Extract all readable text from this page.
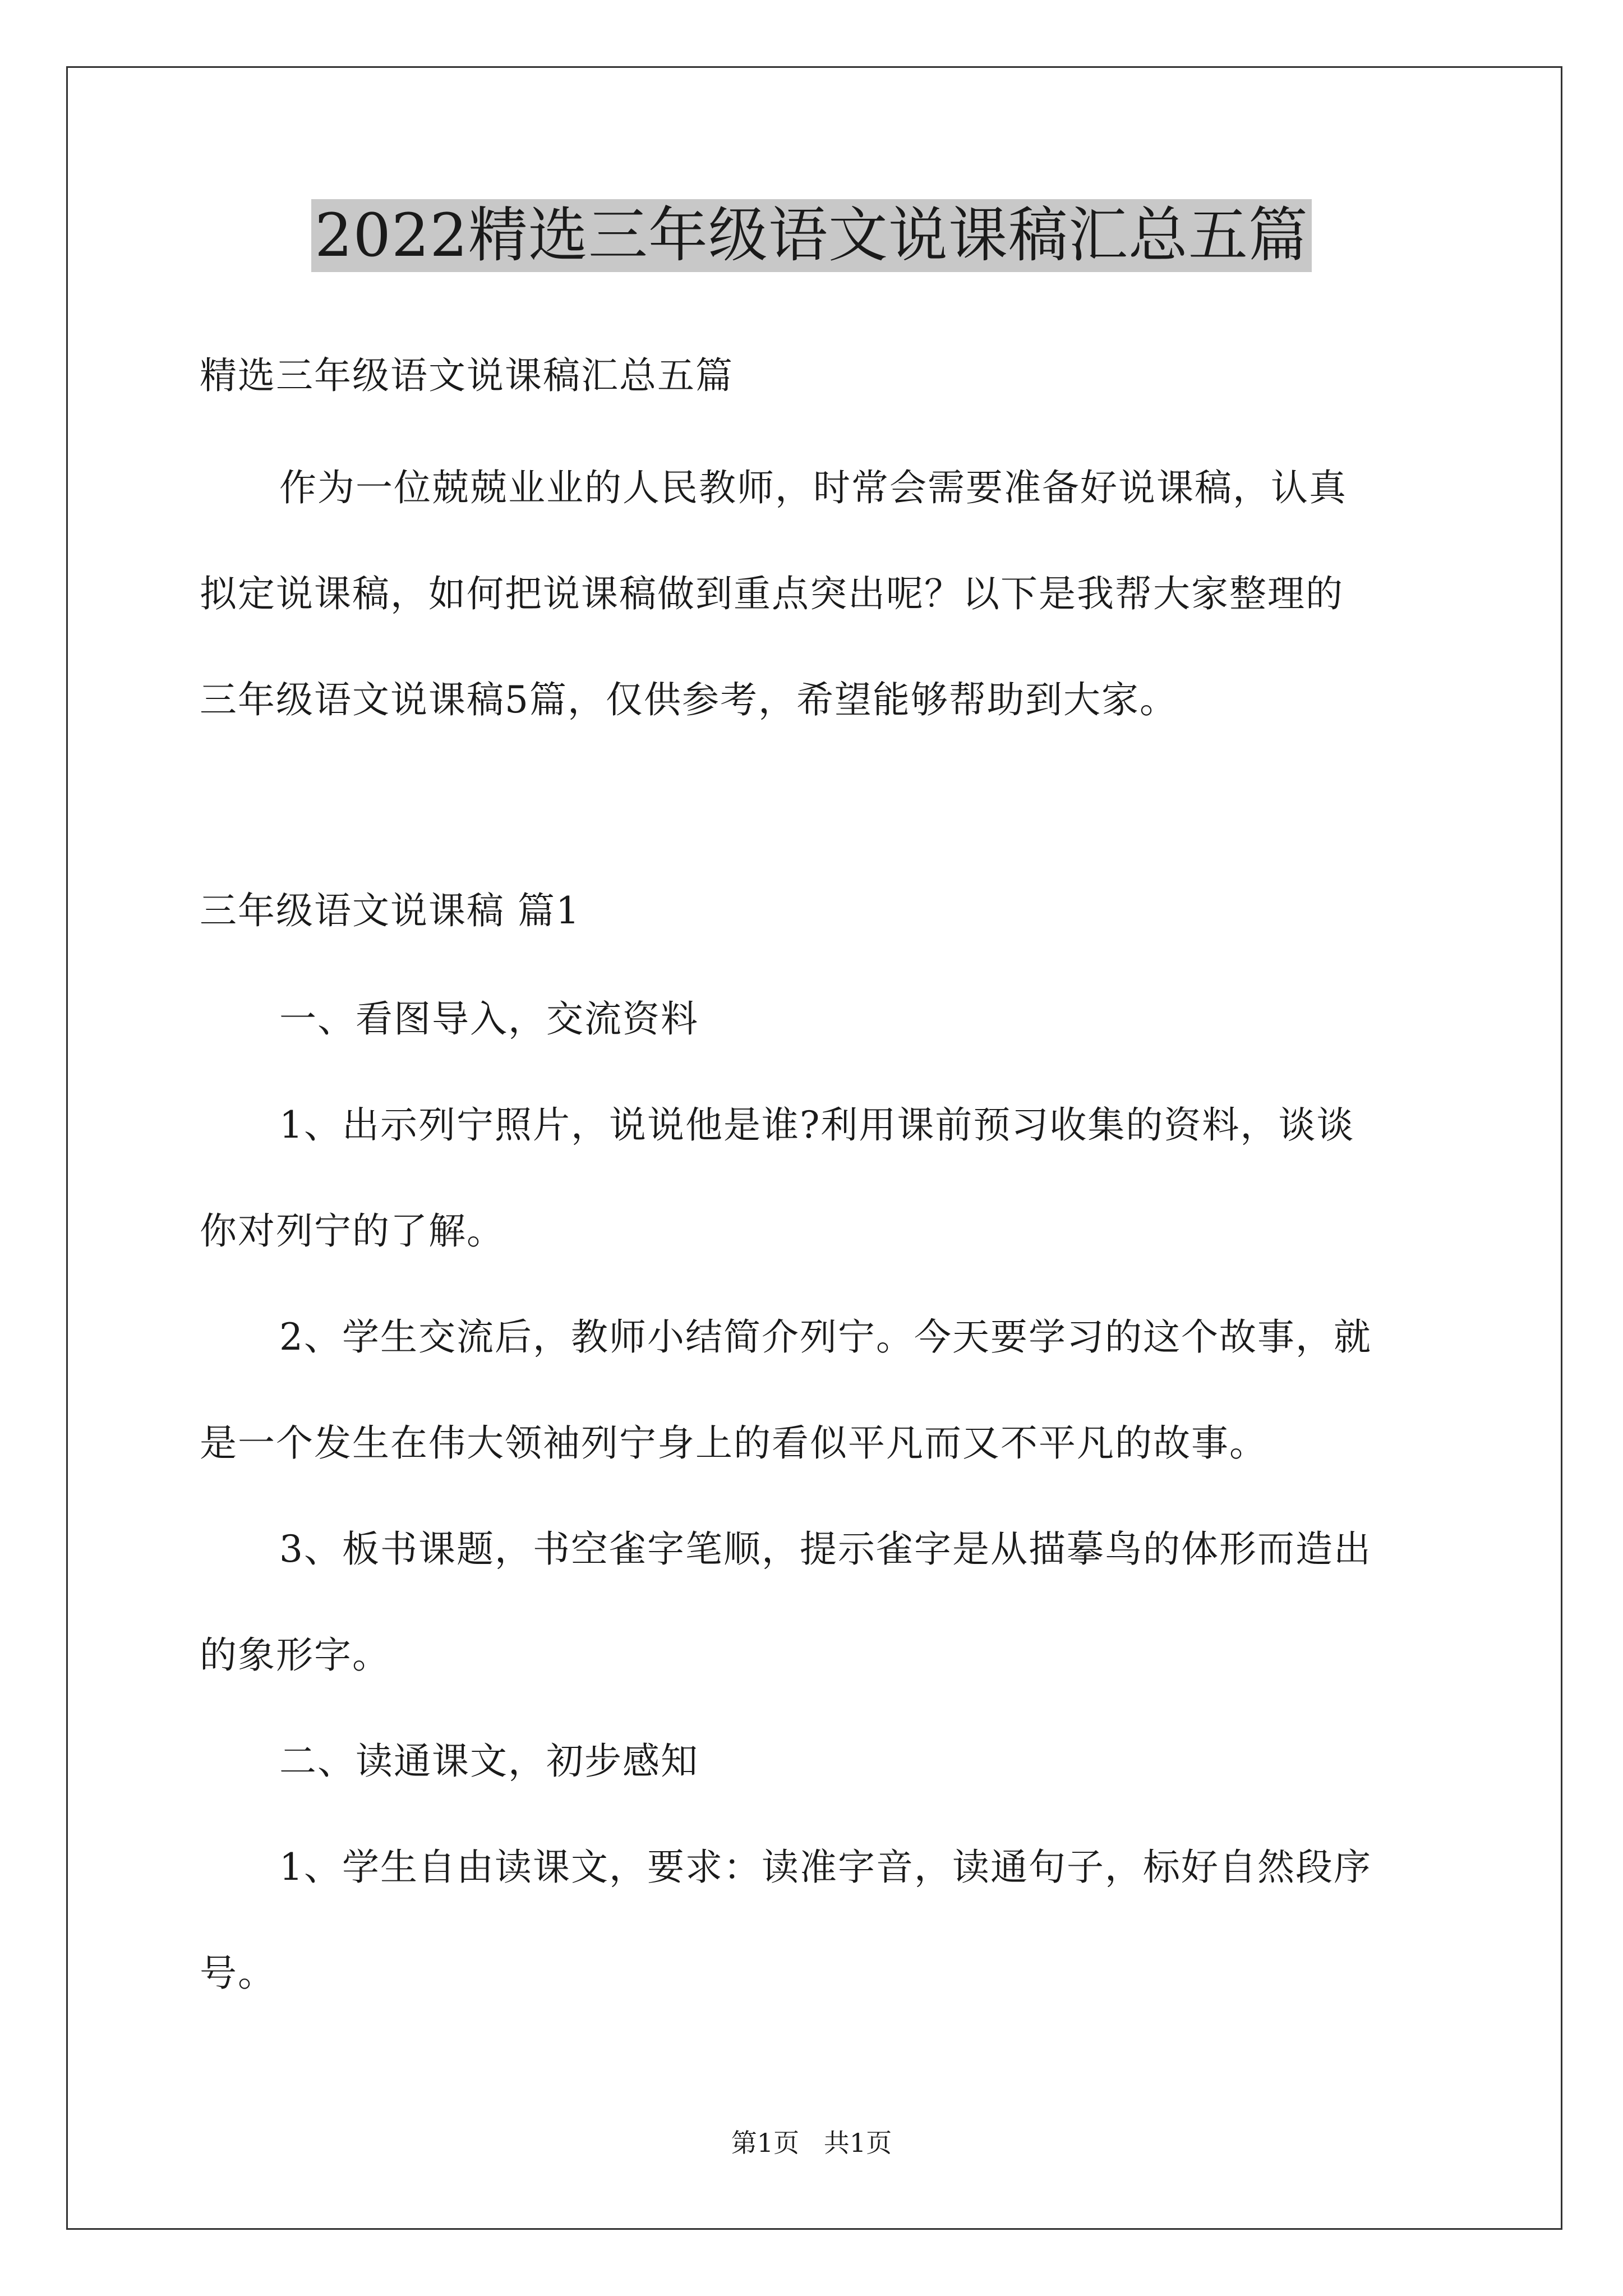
2022精选三年级语文说课稿汇总五篇
精选三年级语文说课稿汇总五篇
作为一位兢兢业业的人民教师，时常会需要准备好说课稿，认真
拟定说课稿，如何把说课稿做到重点突出呢？以下是我帮大家整理的
三年级语文说课稿5篇，仅供参考，希望能够帮助到大家。
三年级语文说课稿 篇1
一、看图导入，交流资料
1、出示列宁照片，说说他是谁?利用课前预习收集的资料，谈谈
你对列宁的了解。
2、学生交流后，教师小结简介列宁。今天要学习的这个故事，就
是一个发生在伟大领袖列宁身上的看似平凡而又不平凡的故事。
3、板书课题，书空雀字笔顺，提示雀字是从描摹鸟的体形而造出
的象形字。
二、读通课文，初步感知
1、学生自由读课文，要求：读准字音，读通句子，标好自然段序
号。
第1页   共1页
